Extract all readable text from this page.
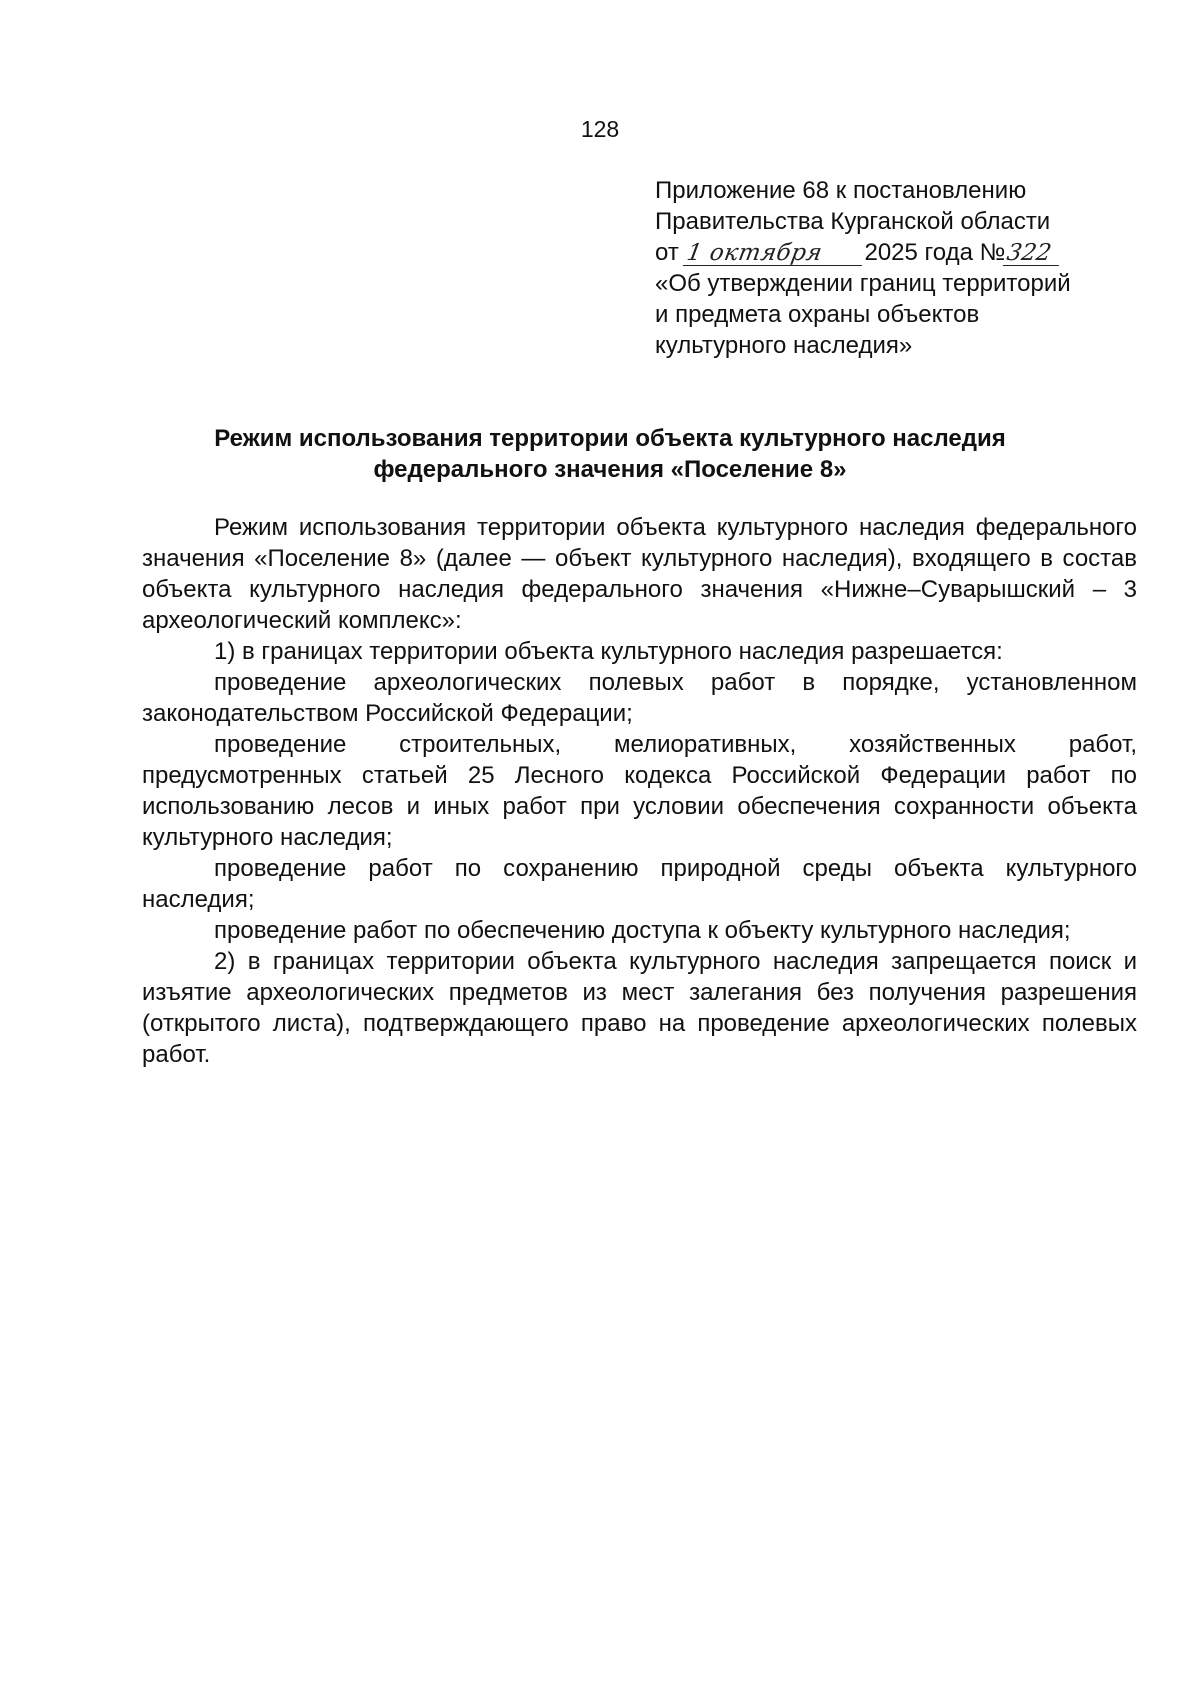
128
Приложение 68 к постановлению
Правительства Курганской области
от 1 октября 2025 года №322
«Об утверждении границ территорий
и предмета охраны объектов
культурного наследия»
Режим использования территории объекта культурного наследия
федерального значения «Поселение 8»

Режим использования территории объекта культурного наследия федерального значения «Поселение 8» (далее — объект культурного наследия), входящего в состав объекта культурного наследия федерального значения «Нижне–Суварышский – 3 археологический комплекс»:

1) в границах территории объекта культурного наследия разрешается:

проведение археологических полевых работ в порядке, установленном законодательством Российской Федерации;

проведение строительных, мелиоративных, хозяйственных работ, предусмотренных статьей 25 Лесного кодекса Российской Федерации работ по использованию лесов и иных работ при условии обеспечения сохранности объекта культурного наследия;

проведение работ по сохранению природной среды объекта культурного наследия;

проведение работ по обеспечению доступа к объекту культурного наследия;

2) в границах территории объекта культурного наследия запрещается поиск и изъятие археологических предметов из мест залегания без получения разрешения (открытого листа), подтверждающего право на проведение археологических полевых работ.
